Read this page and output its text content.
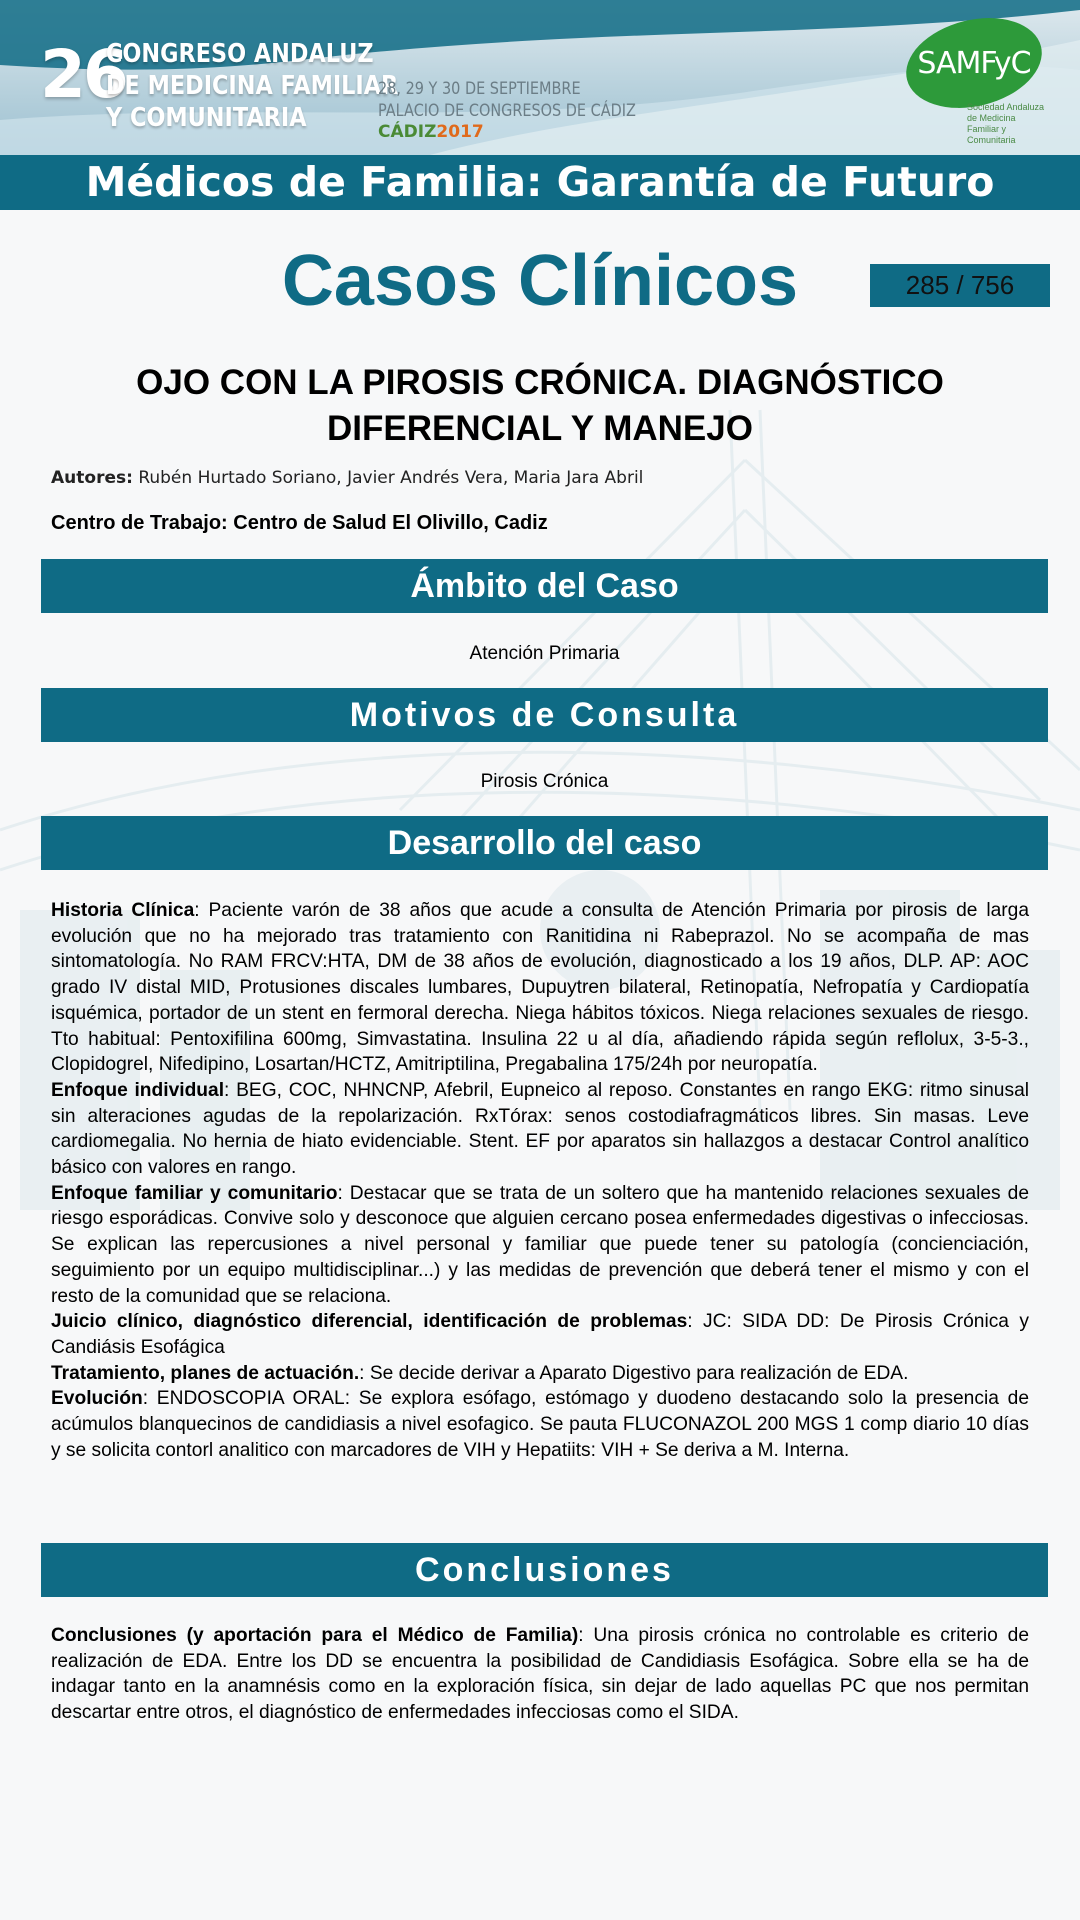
26
CONGRESO ANDALUZ
DE MEDICINA FAMILIAR
Y COMUNITARIA
28, 29 Y 30 DE SEPTIEMBRE
PALACIO DE CONGRESOS DE CÁDIZ
CÁDIZ2017
SAMFyC
Sociedad Andaluza de Medicina Familiar y Comunitaria
Médicos de Familia: Garantía de Futuro
Casos Clínicos	285 / 756
OJO CON LA PIROSIS CRÓNICA. DIAGNÓSTICO DIFERENCIAL Y MANEJO
Autores: Rubén Hurtado Soriano, Javier Andrés Vera, Maria Jara Abril
Centro de Trabajo: Centro de Salud El Olivillo, Cadiz
Ámbito del Caso
Atención Primaria
Motivos de Consulta
Pirosis Crónica
Desarrollo del caso

Historia Clínica: Paciente varón de 38 años que acude a consulta de Atención Primaria por pirosis de larga evolución que no ha mejorado tras tratamiento con Ranitidina ni Rabeprazol. No se acompaña de mas sintomatología. No RAM FRCV:HTA, DM de 38 años de evolución, diagnosticado a los 19 años, DLP. AP: AOC grado IV distal MID, Protusiones discales lumbares, Dupuytren bilateral, Retinopatía, Nefropatía y Cardiopatía isquémica, portador de un stent en fermoral derecha. Niega hábitos tóxicos. Niega relaciones sexuales de riesgo. Tto habitual: Pentoxifilina 600mg, Simvastatina. Insulina 22 u al día, añadiendo rápida según reflolux, 3-5-3., Clopidogrel, Nifedipino, Losartan/HCTZ, Amitriptilina, Pregabalina 175/24h por neuropatía.

Enfoque individual: BEG, COC, NHNCNP, Afebril, Eupneico al reposo. Constantes en rango EKG: ritmo sinusal sin alteraciones agudas de la repolarización. RxTórax: senos costodiafragmáticos libres. Sin masas. Leve cardiomegalia. No hernia de hiato evidenciable. Stent. EF por aparatos sin hallazgos a destacar Control analítico básico con valores en rango.

Enfoque familiar y comunitario: Destacar que se trata de un soltero que ha mantenido relaciones sexuales de riesgo esporádicas. Convive solo y desconoce que alguien cercano posea enfermedades digestivas o infecciosas. Se explican las repercusiones a nivel personal y familiar que puede tener su patología (concienciación, seguimiento por un equipo multidisciplinar...) y las medidas de prevención que deberá tener el mismo y con el resto de la comunidad que se relaciona.

Juicio clínico, diagnóstico diferencial, identificación de problemas: JC: SIDA DD: De Pirosis Crónica y Candiásis Esofágica

Tratamiento, planes de actuación.: Se decide derivar a Aparato Digestivo para realización de EDA.

Evolución: ENDOSCOPIA ORAL: Se explora esófago, estómago y duodeno destacando solo la presencia de acúmulos blanquecinos de candidiasis a nivel esofagico. Se pauta FLUCONAZOL 200 MGS 1 comp diario 10 días y se solicita contorl analitico con marcadores de VIH y Hepatiits: VIH + Se deriva a M. Interna.

Conclusiones

Conclusiones (y aportación para el Médico de Familia): Una pirosis crónica no controlable es criterio de realización de EDA. Entre los DD se encuentra la posibilidad de Candidiasis Esofágica. Sobre ella se ha de indagar tanto en la anamnésis como en la exploración física, sin dejar de lado aquellas PC que nos permitan descartar entre otros, el diagnóstico de enfermedades infecciosas como el SIDA.
